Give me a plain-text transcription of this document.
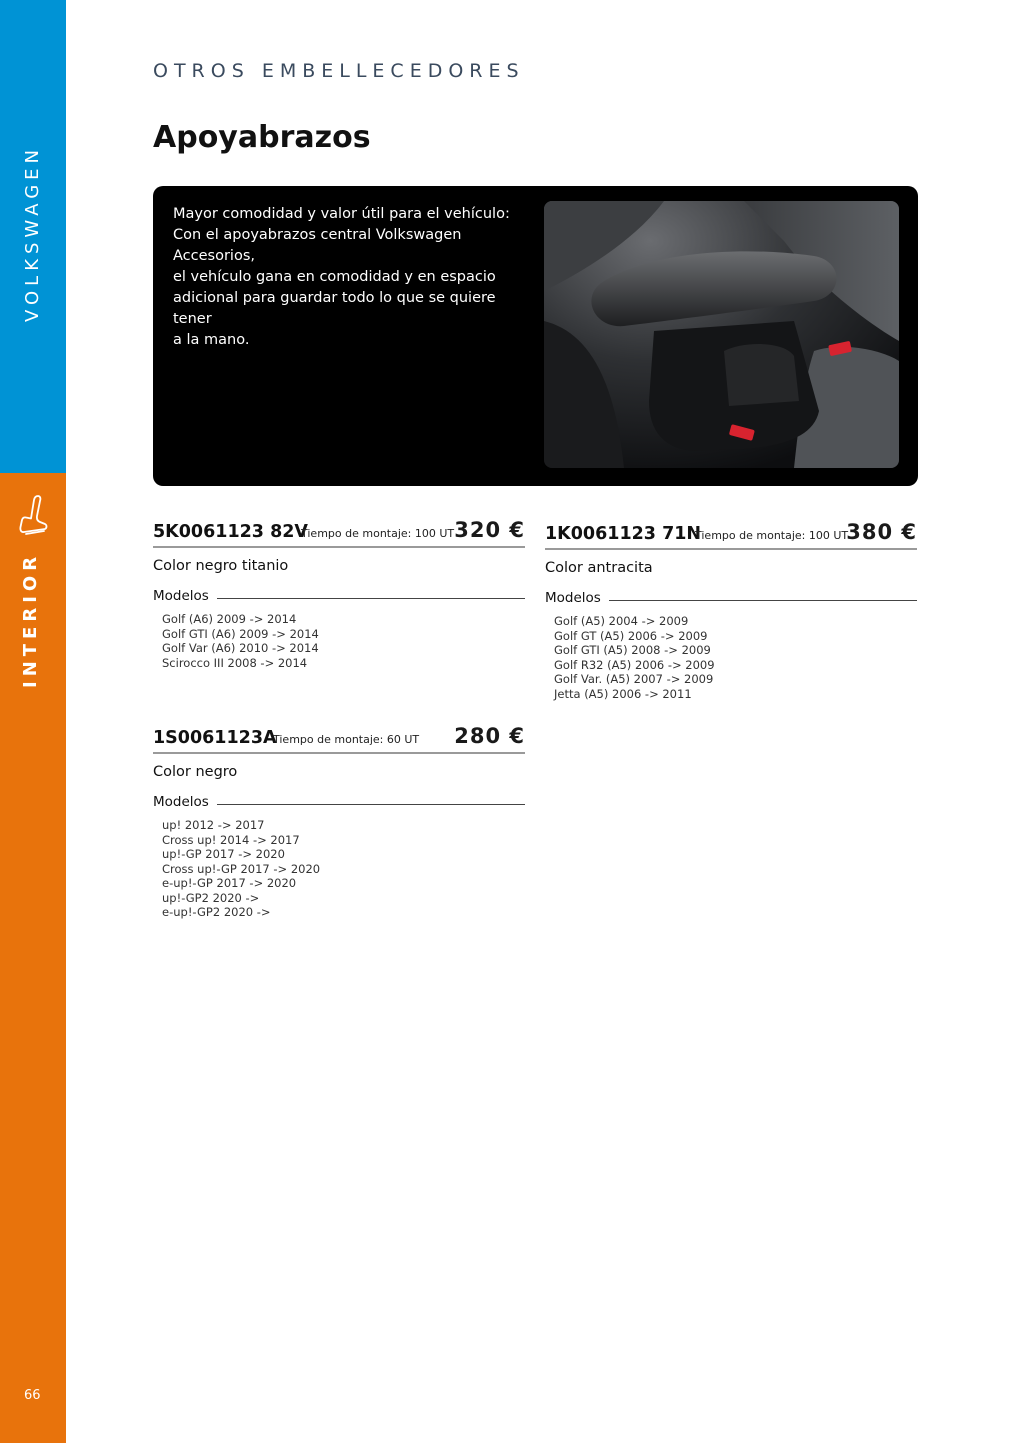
VOLKSWAGEN
INTERIOR
66
OTROS EMBELLECEDORES
Apoyabrazos
Mayor comodidad y valor útil para el vehículo:
Con el apoyabrazos central Volkswagen Accesorios,
el vehículo gana en comodidad y en espacio
adicional para guardar todo lo que se quiere tener
a la mano.
5K0061123 82V
Tiempo de montaje: 100 UT 320 €
Color negro titanio
Modelos
Golf (A6) 2009 -> 2014
Golf GTI (A6) 2009 -> 2014
Golf Var (A6) 2010 -> 2014
Scirocco III 2008 -> 2014
1K0061123 71N
Tiempo de montaje: 100 UT
380 €
Color antracita
Modelos
Golf (A5) 2004 -> 2009
Golf GT (A5) 2006 -> 2009
Golf GTI (A5) 2008 -> 2009
Golf R32 (A5) 2006 -> 2009
Golf Var. (A5) 2007 -> 2009
Jetta (A5) 2006 -> 2011
1S0061123A
Tiempo de montaje: 60 UT 280 €
Color negro
Modelos
up! 2012 -> 2017
Cross up! 2014 -> 2017
up!-GP 2017 -> 2020
Cross up!-GP 2017 -> 2020
e-up!-GP 2017 -> 2020
up!-GP2 2020 ->
e-up!-GP2 2020 ->
